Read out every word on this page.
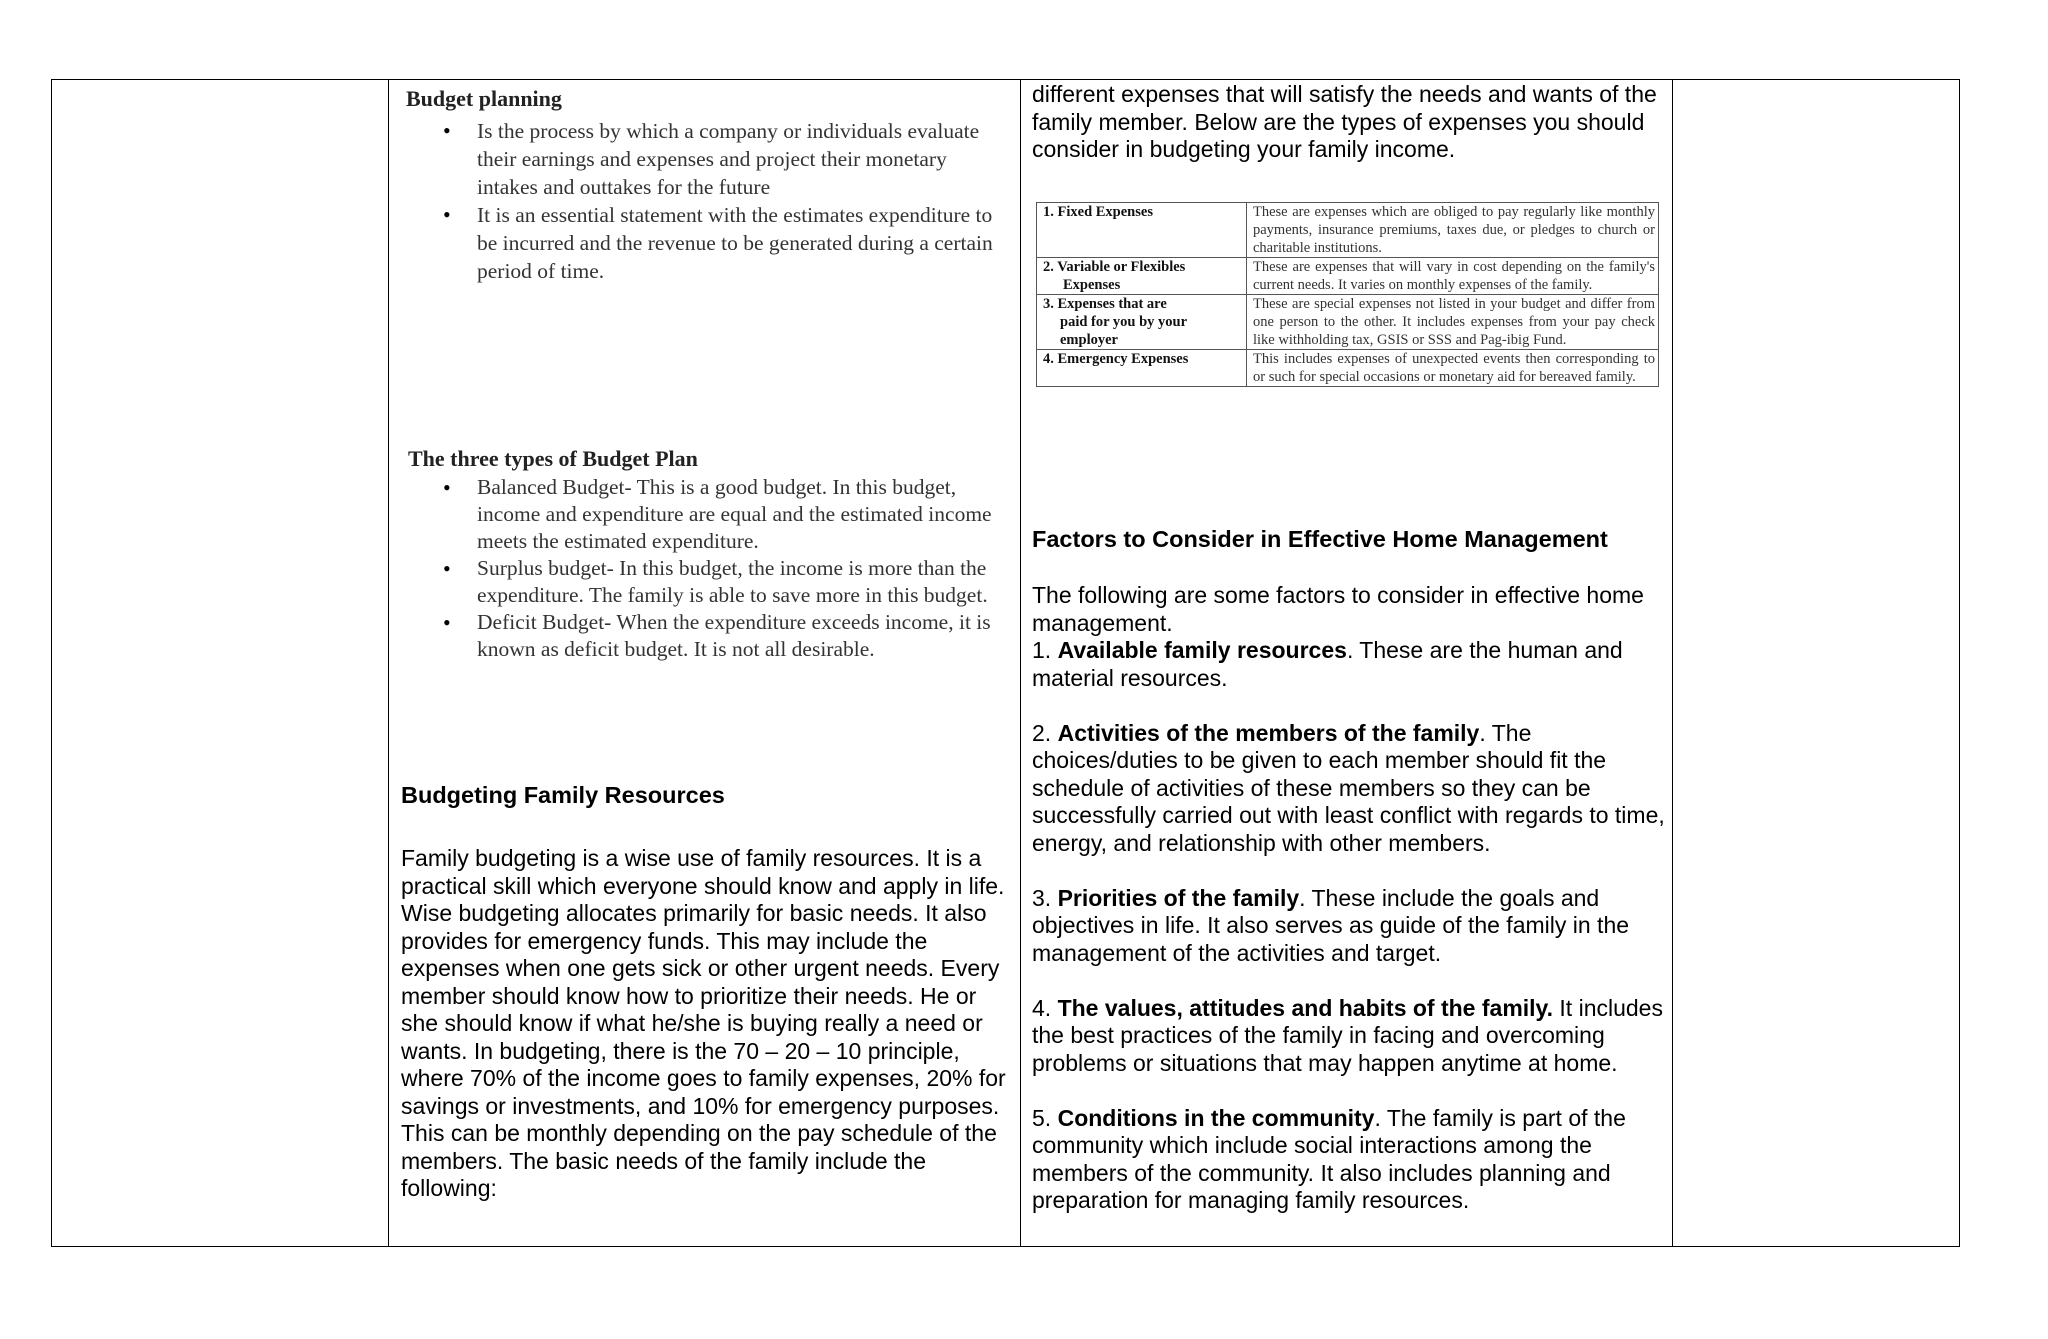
Budget planning
• Is the process by which a company or individuals evaluate their earnings and expenses and project their monetary intakes and outtakes for the future
• It is an essential statement with the estimates expenditure to be incurred and the revenue to be generated during a certain period of time.
The three types of Budget Plan
• Balanced Budget- This is a good budget. In this budget, income and expenditure are equal and the estimated income meets the estimated expenditure.
• Surplus budget- In this budget, the income is more than the expenditure. The family is able to save more in this budget.
• Deficit Budget- When the expenditure exceeds income, it is known as deficit budget. It is not all desirable.
Budgeting Family Resources

Family budgeting is a wise use of family resources. It is a practical skill which everyone should know and apply in life. Wise budgeting allocates primarily for basic needs. It also provides for emergency funds. This may include the expenses when one gets sick or other urgent needs. Every member should know how to prioritize their needs. He or she should know if what he/she is buying really a need or wants. In budgeting, there is the 70 – 20 – 10 principle, where 70% of the income goes to family expenses, 20% for savings or investments, and 10% for emergency purposes. This can be monthly depending on the pay schedule of the members. The basic needs of the family include the following:

different expenses that will satisfy the needs and wants of the family member. Below are the types of expenses you should consider in budgeting your family income.

1. Fixed Expenses	These are expenses which are obliged to pay regularly like monthly payments, insurance premiums, taxes due, or pledges to church or charitable institutions.
2. Variable or Flexibles
Expenses	These are expenses that will vary in cost depending on the family's current needs. It varies on monthly expenses of the family.
3. Expenses that are
paid for you by your employer	These are special expenses not listed in your budget and differ from one person to the other. It includes expenses from your pay check like withholding tax, GSIS or SSS and Pag-ibig Fund.
4. Emergency Expenses	This includes expenses of unexpected events then corresponding to or such for special occasions or monetary aid for bereaved family.
Factors to Consider in Effective Home Management

The following are some factors to consider in effective home management.

1. Available family resources. These are the human and material resources.

2. Activities of the members of the family. The choices/duties to be given to each member should fit the schedule of activities of these members so they can be successfully carried out with least conflict with regards to time, energy, and relationship with other members.

3. Priorities of the family. These include the goals and objectives in life. It also serves as guide of the family in the management of the activities and target.

4. The values, attitudes and habits of the family. It includes the best practices of the family in facing and overcoming problems or situations that may happen anytime at home.

5. Conditions in the community. The family is part of the community which include social interactions among the members of the community. It also includes planning and preparation for managing family resources.
